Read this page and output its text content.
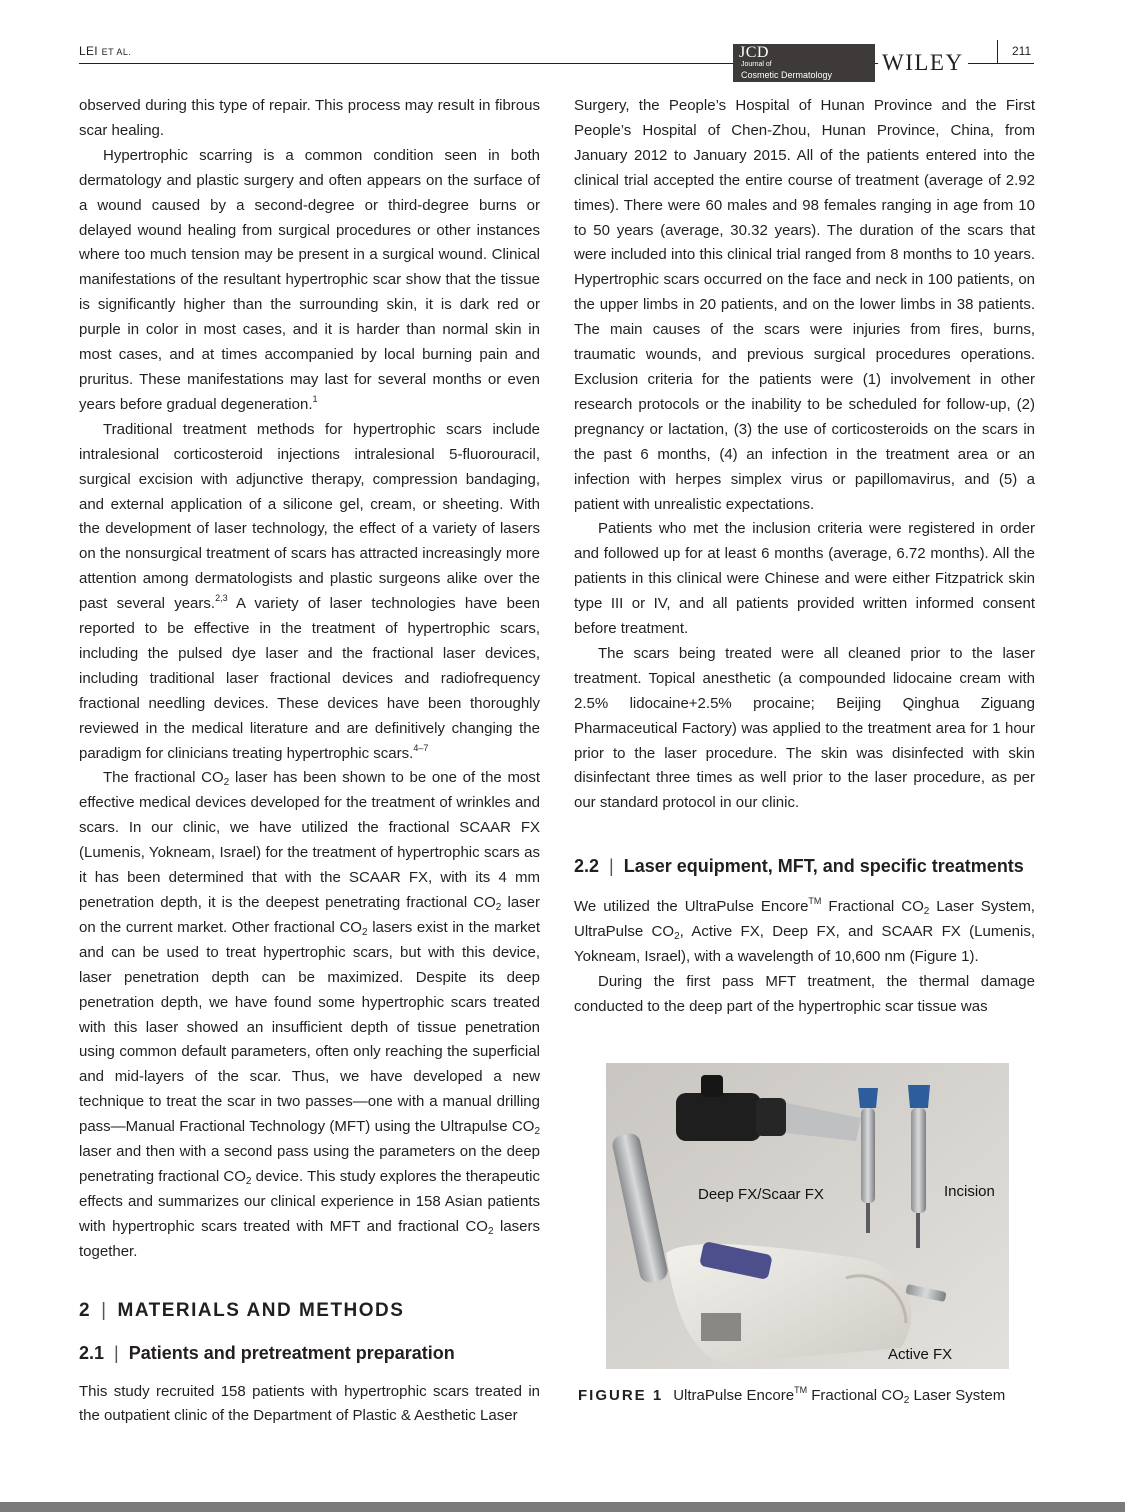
LEI ET AL.	JCD
Journal of
Cosmetic Dermatology WILEY	211

observed during this type of repair. This process may result in fibrous scar healing.

Hypertrophic scarring is a common condition seen in both dermatology and plastic surgery and often appears on the surface of a wound caused by a second-degree or third-degree burns or delayed wound healing from surgical procedures or other instances where too much tension may be present in a surgical wound. Clinical manifestations of the resultant hypertrophic scar show that the tissue is significantly higher than the surrounding skin, it is dark red or purple in color in most cases, and it is harder than normal skin in most cases, and at times accompanied by local burning pain and pruritus. These manifestations may last for several months or even years before gradual degeneration.$^1$

Traditional treatment methods for hypertrophic scars include intralesional corticosteroid injections intralesional 5-fluorouracil, surgical excision with adjunctive therapy, compression bandaging, and external application of a silicone gel, cream, or sheeting. With the development of laser technology, the effect of a variety of lasers on the nonsurgical treatment of scars has attracted increasingly more attention among dermatologists and plastic surgeons alike over the past several years.$^{2,3}$ A variety of laser technologies have been reported to be effective in the treatment of hypertrophic scars, including the pulsed dye laser and the fractional laser devices, including traditional laser fractional devices and radiofrequency fractional needling devices. These devices have been thoroughly reviewed in the medical literature and are definitively changing the paradigm for clinicians treating hypertrophic scars.$^{4-7}$

The fractional $CO_2$ laser has been shown to be one of the most effective medical devices developed for the treatment of wrinkles and scars. In our clinic, we have utilized the fractional SCAAR FX (Lumenis, Yokneam, Israel) for the treatment of hypertrophic scars as it has been determined that with the SCAAR FX, with its 4 mm penetration depth, it is the deepest penetrating fractional $CO_2$ laser on the current market. Other fractional $CO_2$ lasers exist in the market and can be used to treat hypertrophic scars, but with this device, laser penetration depth can be maximized. Despite its deep penetration depth, we have found some hypertrophic scars treated with this laser showed an insufficient depth of tissue penetration using common default parameters, often only reaching the superficial and mid-layers of the scar. Thus, we have developed a new technique to treat the scar in two passes—one with a manual drilling pass—Manual Fractional Technology (MFT) using the Ultrapulse $CO_2$ laser and then with a second pass using the parameters on the deep penetrating fractional $CO_2$ device. This study explores the therapeutic effects and summarizes our clinical experience in 158 Asian patients with hypertrophic scars treated with MFT and fractional $CO_2$ lasers together.

2 | MATERIALS AND METHODS
2.1 | Patients and pretreatment preparation

This study recruited 158 patients with hypertrophic scars treated in the outpatient clinic of the Department of Plastic & Aesthetic Laser

Surgery, the People’s Hospital of Hunan Province and the First People’s Hospital of Chen-Zhou, Hunan Province, China, from January 2012 to January 2015. All of the patients entered into the clinical trial accepted the entire course of treatment (average of 2.92 times). There were 60 males and 98 females ranging in age from 10 to 50 years (average, 30.32 years). The duration of the scars that were included into this clinical trial ranged from 8 months to 10 years. Hypertrophic scars occurred on the face and neck in 100 patients, on the upper limbs in 20 patients, and on the lower limbs in 38 patients. The main causes of the scars were injuries from fires, burns, traumatic wounds, and previous surgical procedures operations. Exclusion criteria for the patients were (1) involvement in other research protocols or the inability to be scheduled for follow-up, (2) pregnancy or lactation, (3) the use of corticosteroids on the scars in the past 6 months, (4) an infection in the treatment area or an infection with herpes simplex virus or papillomavirus, and (5) a patient with unrealistic expectations.

Patients who met the inclusion criteria were registered in order and followed up for at least 6 months (average, 6.72 months). All the patients in this clinical were Chinese and were either Fitzpatrick skin type III or IV, and all patients provided written informed consent before treatment.

The scars being treated were all cleaned prior to the laser treatment. Topical anesthetic (a compounded lidocaine cream with 2.5% lidocaine+2.5% procaine; Beijing Qinghua Ziguang Pharmaceutical Factory) was applied to the treatment area for 1 hour prior to the laser procedure. The skin was disinfected with skin disinfectant three times as well prior to the laser procedure, as per our standard protocol in our clinic.

2.2 | Laser equipment, MFT, and specific treatments

We utilized the UltraPulse Encore™ Fractional $CO_2$ Laser System, UltraPulse $CO_2$, Active FX, Deep FX, and SCAAR FX (Lumenis, Yokneam, Israel), with a wavelength of 10,600 nm (Figure 1).

During the first pass MFT treatment, the thermal damage conducted to the deep part of the hypertrophic scar tissue was

Deep FX/Scaar FX	Incision
Active FX
FIGURE 1 UltraPulse Encore™ Fractional $CO_2$ Laser System
